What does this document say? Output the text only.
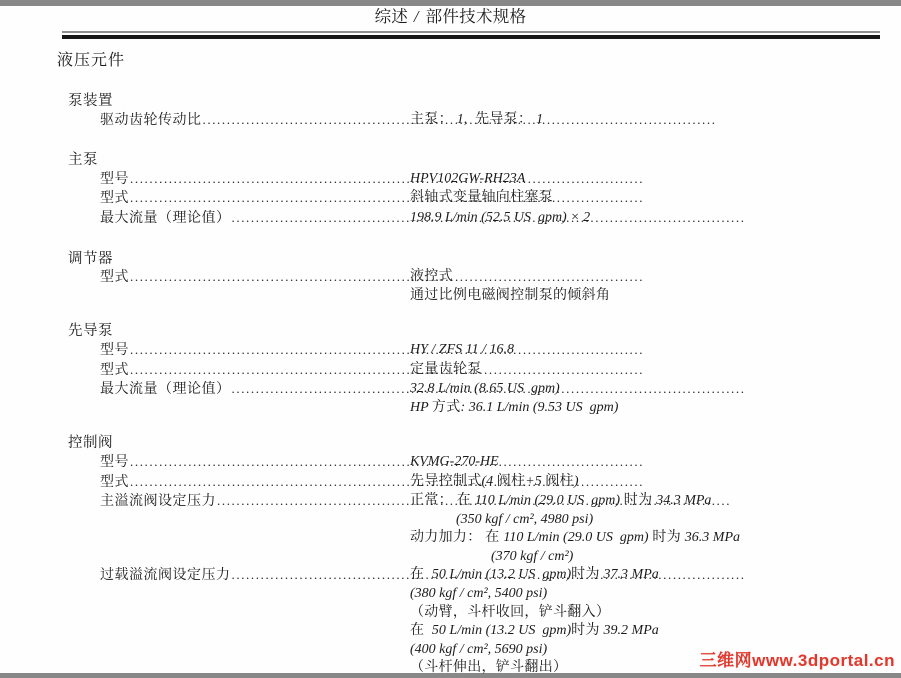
综述 / 部件技术规格
液压元件
泵装置
驱动齿轮传动比 .....	主泵： 1,  先导泵： 1
主泵
型号 .....	HPV102GW-RH23A
型式 .....	斜轴式变量轴向柱塞泵
最大流量（理论值） .....	198.9 L/min (52.5 US  gpm) × 2
调节器
型式 .....	液控式
通过比例电磁阀控制泵的倾斜角
先导泵
型号 .....	HY / ZFS 11 / 16.8
型式 .....	定量齿轮泵
最大流量（理论值） .....	32.8 L/min (8.65 US  gpm)
HP 方式: 36.1 L/min (9.53 US  gpm)
控制阀
型号 .....	KVMG-270-HE
型式 .....	先导控制式(4 阀柱+5 阀柱)
主溢流阀设定压力 .....	正常： 在 110 L/min (29.0 US  gpm) 时为 34.3 MPa
(350 kgf / cm², 4980 psi)
动力加力： 在 110 L/min (29.0 US  gpm) 时为 36.3 MPa
(370 kgf / cm²)
过载溢流阀设定压力 .....	在  50 L/min (13.2 US  gpm)时为 37.3 MPa
(380 kgf / cm², 5400 psi)
（动臂，斗杆收回，铲斗翻入）
在  50 L/min (13.2 US  gpm)时为 39.2 MPa
(400 kgf / cm², 5690 psi)
（斗杆伸出，铲斗翻出）	三维网www.3dportal.cn
